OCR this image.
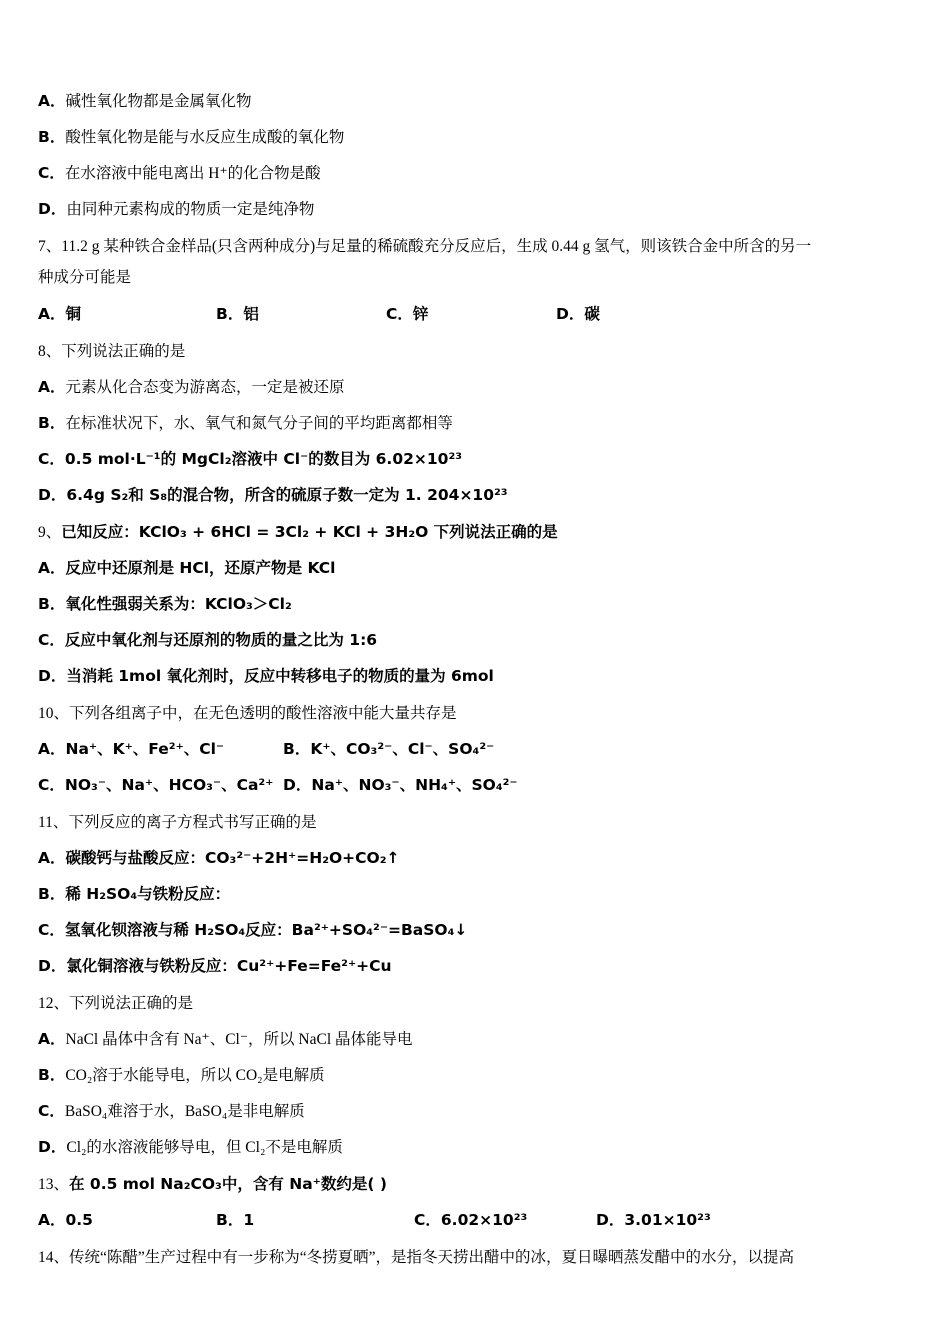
A．碱性氧化物都是金属氧化物
B．酸性氧化物是能与水反应生成酸的氧化物
C．在水溶液中能电离出 H⁺的化合物是酸
D．由同种元素构成的物质一定是纯净物
7、11.2 g 某种铁合金样品(只含两种成分)与足量的稀硫酸充分反应后，生成 0.44 g 氢气，则该铁合金中所含的另一
种成分可能是
A．铜	B．铝	C．锌	D．碳
8、下列说法正确的是
A．元素从化合态变为游离态，一定是被还原
B．在标准状况下，水、氧气和氮气分子间的平均距离都相等
C．0.5 mol·L⁻¹的 MgCl₂溶液中 Cl⁻的数目为 6.02×10²³
D．6.4g S₂和 S₈的混合物，所含的硫原子数一定为 1. 204×10²³
9、已知反应：KClO₃ + 6HCl = 3Cl₂ + KCl + 3H₂O 下列说法正确的是
A．反应中还原剂是 HCl，还原产物是 KCl
B．氧化性强弱关系为：KClO₃＞Cl₂
C．反应中氧化剂与还原剂的物质的量之比为 1:6
D．当消耗 1mol 氧化剂时，反应中转移电子的物质的量为 6mol
10、下列各组离子中，在无色透明的酸性溶液中能大量共存是
A．Na⁺、K⁺、Fe²⁺、Cl⁻	B．K⁺、CO₃²⁻、Cl⁻、SO₄²⁻
C．NO₃⁻、Na⁺、HCO₃⁻、Ca²⁺ D．Na⁺、NO₃⁻、NH₄⁺、SO₄²⁻
11、下列反应的离子方程式书写正确的是
A．碳酸钙与盐酸反应：CO₃²⁻+2H⁺=H₂O+CO₂↑
B．稀 H₂SO₄与铁粉反应：
C．氢氧化钡溶液与稀 H₂SO₄反应：Ba²⁺+SO₄²⁻=BaSO₄↓
D．氯化铜溶液与铁粉反应：Cu²⁺+Fe=Fe²⁺+Cu
12、下列说法正确的是
A．NaCl 晶体中含有 Na⁺、Cl⁻，所以 NaCl 晶体能导电
B．CO₂溶于水能导电，所以 CO₂是电解质
C．BaSO₄难溶于水，BaSO₄是非电解质
D．Cl₂的水溶液能够导电，但 Cl₂不是电解质
13、在 0.5 mol Na₂CO₃中，含有 Na⁺数约是( )
A．0.5	B．1	C．6.02×10²³	D．3.01×10²³
14、传统“陈醋”生产过程中有一步称为“冬捞夏晒”，是指冬天捞出醋中的冰，夏日曝晒蒸发醋中的水分，以提高
